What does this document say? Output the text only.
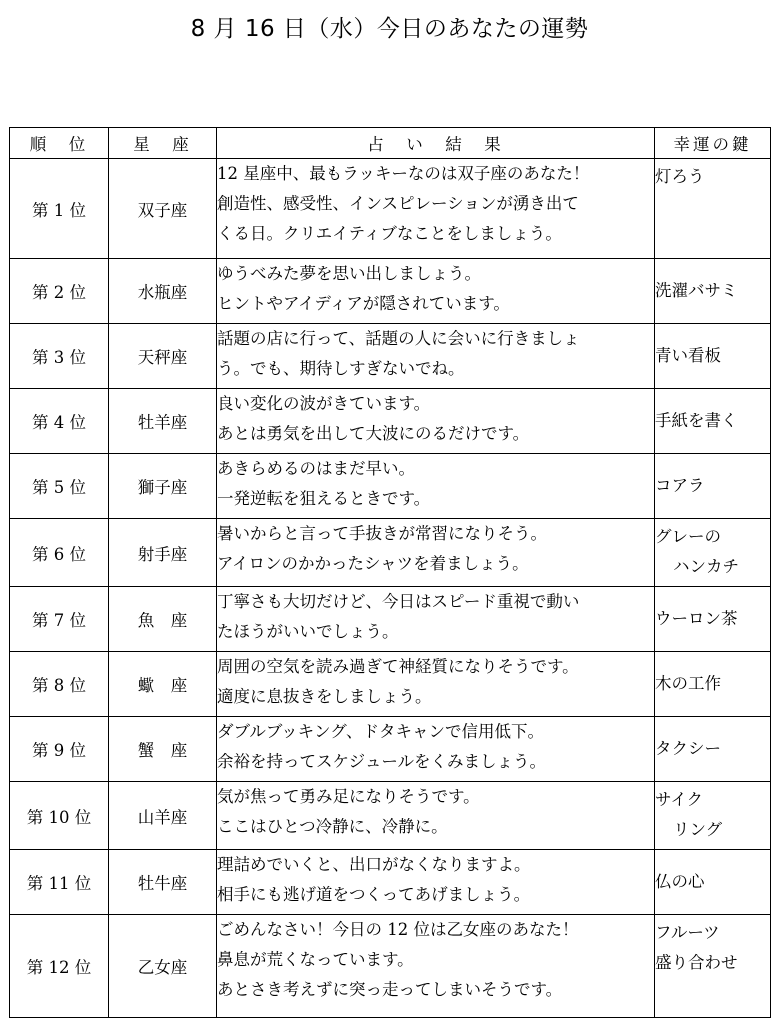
8 月 16 日（水）今日のあなたの運勢
順　位	星　座	占　い　結　果	幸運の鍵
第 1 位	双子座	12 星座中、最もラッキーなのは双子座のあなた！
創造性、感受性、インスピレーションが湧き出て
くる日。クリエイティブなことをしましょう。	灯ろう

第 2 位	水瓶座	ゆうべみた夢を思い出しましょう。
ヒントやアイディアが隠されています。	洗濯バサミ

第 3 位	天秤座	話題の店に行って、話題の人に会いに行きましょ
う。でも、期待しすぎないでね。	青い看板

第 4 位	牡羊座	良い変化の波がきています。
あとは勇気を出して大波にのるだけです。	手紙を書く

第 5 位	獅子座	あきらめるのはまだ早い。
一発逆転を狙えるときです。	コアラ

第 6 位	射手座	暑いからと言って手抜きが常習になりそう。
アイロンのかかったシャツを着ましょう。	グレーの
ハンカチ

第 7 位	魚　座	丁寧さも大切だけど、今日はスピード重視で動い
たほうがいいでしょう。	ウーロン茶

第 8 位	蠍　座	周囲の空気を読み過ぎて神経質になりそうです。
適度に息抜きをしましょう。	木の工作

第 9 位	蟹　座	ダブルブッキング、ドタキャンで信用低下。
余裕を持ってスケジュールをくみましょう。	タクシー

第 10 位	山羊座	気が焦って勇み足になりそうです。
ここはひとつ冷静に、冷静に。	サイク
リング

第 11 位	牡牛座	理詰めでいくと、出口がなくなりますよ。
相手にも逃げ道をつくってあげましょう。	仏の心

第 12 位	乙女座	ごめんなさい！今日の 12 位は乙女座のあなた！
鼻息が荒くなっています。
あとさき考えずに突っ走ってしまいそうです。	フルーツ
盛り合わせ
